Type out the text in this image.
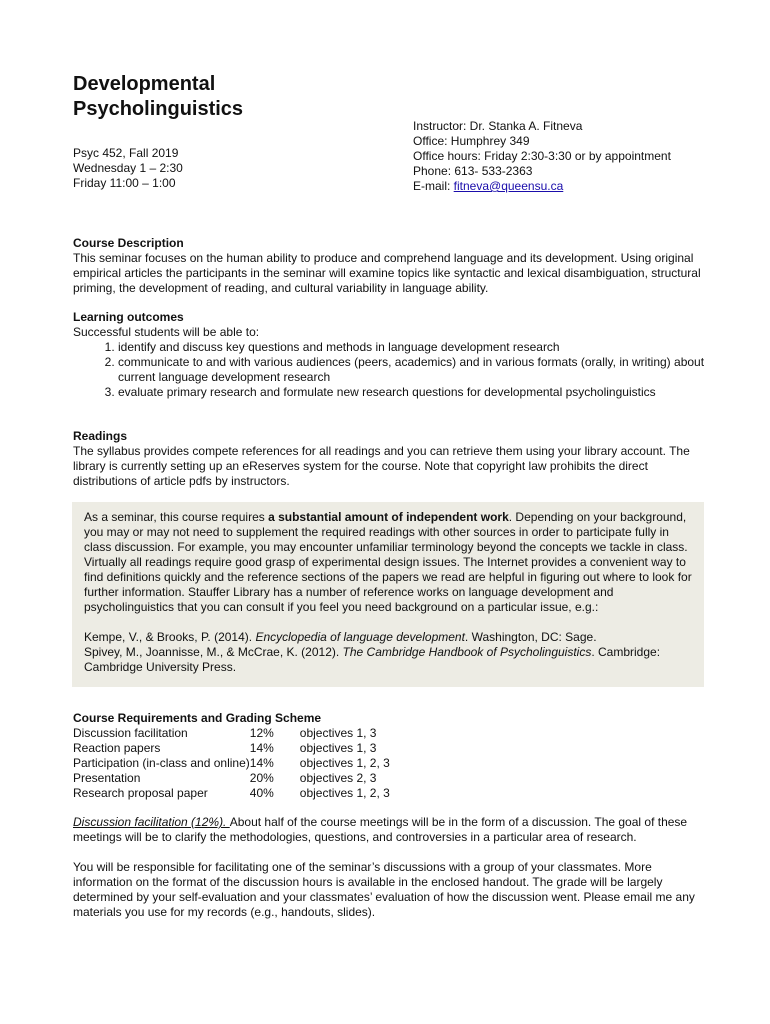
Developmental
Psycholinguistics
Psyc 452, Fall 2019
Wednesday 1 – 2:30
Friday 11:00 – 1:00
Instructor: Dr. Stanka A. Fitneva
Office: Humphrey 349
Office hours: Friday 2:30-3:30 or by appointment
Phone: 613- 533-2363
E-mail: fitneva@queensu.ca
Course Description
This seminar focuses on the human ability to produce and comprehend language and its development. Using original empirical articles the participants in the seminar will examine topics like syntactic and lexical disambiguation, structural priming, the development of reading, and cultural variability in language ability.
Learning outcomes
Successful students will be able to:
1. identify and discuss key questions and methods in language development research
2. communicate to and with various audiences (peers, academics) and in various formats (orally, in writing) about current language development research
3. evaluate primary research and formulate new research questions for developmental psycholinguistics
Readings
The syllabus provides compete references for all readings and you can retrieve them using your library account. The library is currently setting up an eReserves system for the course. Note that copyright law prohibits the direct distributions of article pdfs by instructors.

As a seminar, this course requires a substantial amount of independent work. Depending on your background, you may or may not need to supplement the required readings with other sources in order to participate fully in class discussion. For example, you may encounter unfamiliar terminology beyond the concepts we tackle in class. Virtually all readings require good grasp of experimental design issues. The Internet provides a convenient way to find definitions quickly and the reference sections of the papers we read are helpful in figuring out where to look for further information. Stauffer Library has a number of reference works on language development and psycholinguistics that you can consult if you feel you need background on a particular issue, e.g.:

Kempe, V., & Brooks, P. (2014). Encyclopedia of language development. Washington, DC: Sage.

Spivey, M., Joannisse, M., & McCrae, K. (2012). The Cambridge Handbook of Psycholinguistics. Cambridge: Cambridge University Press.

Course Requirements and Grading Scheme
Discussion facilitation	12%	objectives 1, 3
Reaction papers	14%	objectives 1, 3
Participation (in-class and online)	14%	objectives 1, 2, 3
Presentation	20%	objectives 2, 3
Research proposal paper	40%	objectives 1, 2, 3
Discussion facilitation (12%). About half of the course meetings will be in the form of a discussion. The goal of these meetings will be to clarify the methodologies, questions, and controversies in a particular area of research.
You will be responsible for facilitating one of the seminar’s discussions with a group of your classmates. More information on the format of the discussion hours is available in the enclosed handout. The grade will be largely determined by your self-evaluation and your classmates’ evaluation of how the discussion went. Please email me any materials you use for my records (e.g., handouts, slides).
